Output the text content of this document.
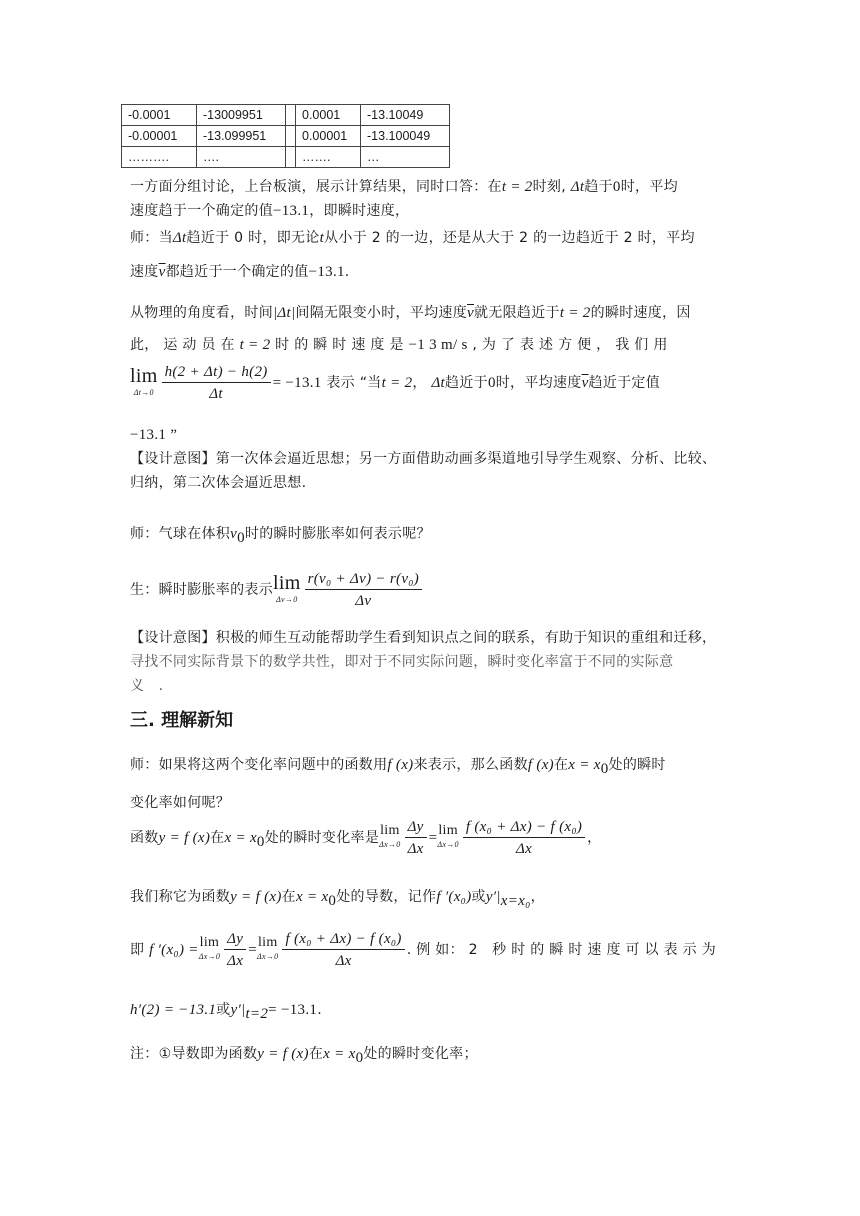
-0.0001	-13009951		0.0001	-13.10049
-0.00001	-13.099951		0.00001	-13.100049
……….	….		…….	…
一方面分组讨论，上台板演，展示计算结果，同时口答：在t = 2时刻, Δt趋于0时，平均
速度趋于一个确定的值−13.1，即瞬时速度，
师：当Δt趋近于 0 时，即无论t从小于 2 的一边，还是从大于 2 的一边趋近于 2 时，平均
速度$\overline{v}$都趋近于一个确定的值−13.1.
从物理的角度看，时间|Δt|间隔无限变小时，平均速度$\overline{v}$就无限趋近于t = 2的瞬时速度，因
此， 运 动 员 在 t = 2 时 的 瞬 时 速 度 是 −1 3 m/ s , 为 了 表 述 方 便 ， 我 们 用
lim
$\Delta t\to 0 \frac{h(2 + \Delta t) - h(2)}{\Delta t} = -13.1$ 表示 “当t = 2， Δt趋近于0时，平均速度$\overline{v}$趋近于定值
−13.1 ”
【设计意图】第一次体会逼近思想；另一方面借助动画多渠道地引导学生观察、分析、比较、归纳，第二次体会逼近思想.
师：气球在体积$v_0$时的瞬时膨胀率如何表示呢？
生：瞬时膨胀率的表示 lim
$\Delta v\to 0 \frac{\text{r(v₀ + Δv) − r(v₀)}}{\Delta v}$
【设计意图】积极的师生互动能帮助学生看到知识点之间的联系，有助于知识的重组和迁移，
寻找不同实际背景下的数学共性，即对于不同实际问题，瞬时变化率富于不同的实际意
义　.
三. 理解新知
师：如果将这两个变化率问题中的函数用f (x)来表示，那么函数f (x)在$x = x_0$处的瞬时
变化率如何呢？
函数y = f (x)在$x = x_0$处的瞬时变化率是 lim
$\Delta x\to 0 \frac{\Delta y}{\Delta x} = \lim$
$\Delta x\to 0 \frac{\text{f (x₀ + Δx) − f (x₀)}}{\Delta x}$ ，
我们称它为函数y = f (x)在$x = x_0$处的导数，记作f ′(x₀)或$y'|_{x=x_0}$，
即 f ′(x₀) = lim
$\Delta x\to 0 \frac{\Delta y}{\Delta x} = \lim$
$\Delta x\to 0 \frac{\text{f (x₀ + Δx) − f (x₀)}}{\Delta x}$ . 例 如： 2　秒 时 的 瞬 时 速 度 可 以 表 示 为
h′(2) = −13.1或$y'|_{t=2}= -13.1$.
注：①导数即为函数y = f (x)在$x = x_0$处的瞬时变化率；
